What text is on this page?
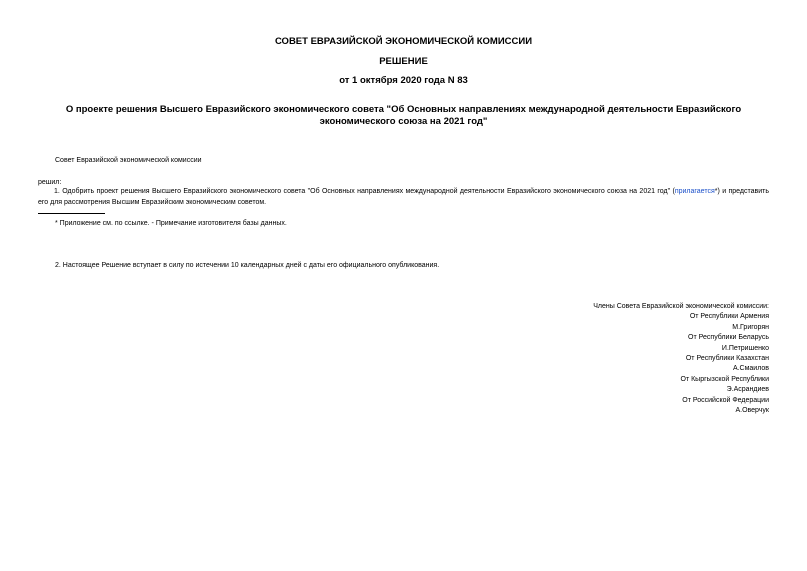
СОВЕТ ЕВРАЗИЙСКОЙ ЭКОНОМИЧЕСКОЙ КОМИССИИ
РЕШЕНИЕ
от 1 октября 2020 года N 83
О проекте решения Высшего Евразийского экономического совета "Об Основных направлениях международной деятельности Евразийского экономического союза на 2021 год"
Совет Евразийской экономической комиссии
решил:
1. Одобрить проект решения Высшего Евразийского экономического совета "Об Основных направлениях международной деятельности Евразийского экономического союза на 2021 год" (прилагается*) и представить его для рассмотрения Высшим Евразийским экономическим советом.
* Приложение см. по ссылке. - Примечание изготовителя базы данных.
2. Настоящее Решение вступает в силу по истечении 10 календарных дней с даты его официального опубликования.
Члены Совета Евразийской экономической комиссии:
От Республики Армения
М.Григорян
От Республики Беларусь
И.Петришенко
От Республики Казахстан
А.Смаилов
От Кыргызской Республики
Э.Асрандиев
От Российской Федерации
А.Оверчук
